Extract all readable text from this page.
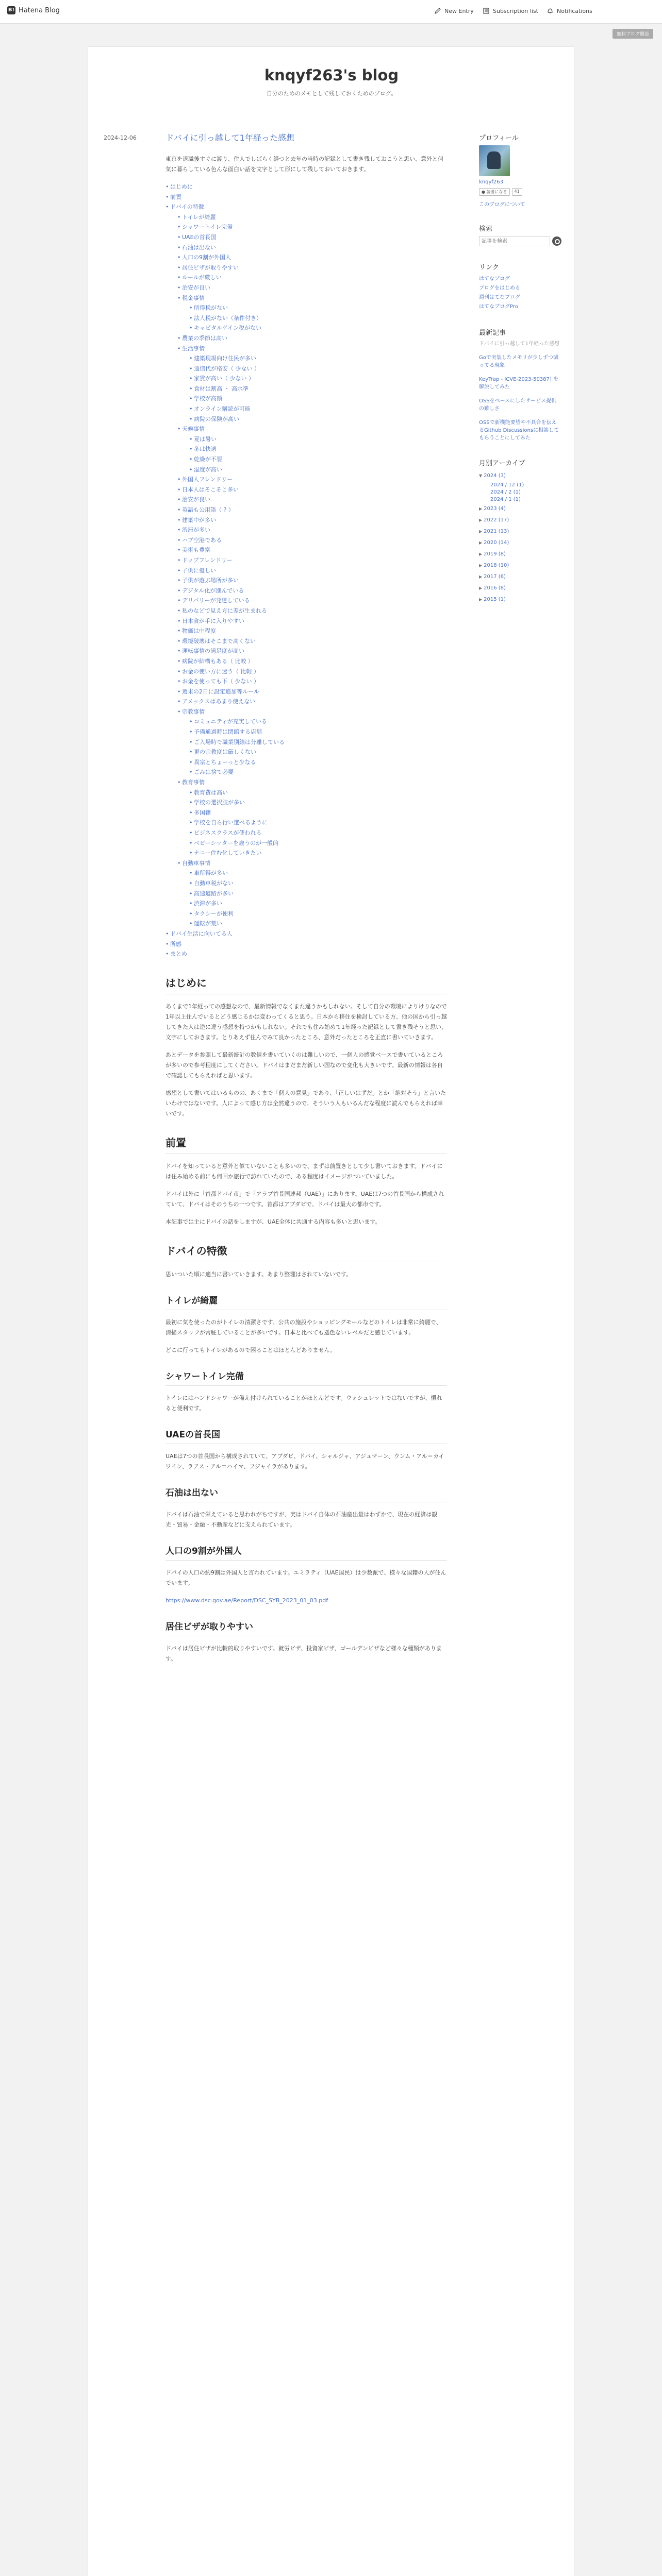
B! Hatena Blog	New Entry	Subscription list	Notifications
無料ブログ開設
knqyf263's blog
自分のためのメモとして残しておくためのブログ。
2024-12-06	ドバイに引っ越して1年経った感想
東京を退職後すぐに渡り、住人でしばらく経つと去年の当時の記録として書き残しておこうと思い、意外と何気に暮らしている色んな面白い話を文字として形にして残しておいておきます。
• はじめに
• 前置
• ドバイの特徴
• トイレが綺麗
• シャワートイレ完備
• UAEの首長国
• 石油は出ない
• 人口の9割が外国人
• 居住ビザが取りやすい
• ルールが厳しい
• 治安が良い
• 税金事情
• 所得税がない
• 法人税がない（条件付き）
• キャピタルゲイン税がない
• 農業の季節は高い
• 生活事情
• 建築現場向け住民が多い
• 通信代が格安（ 少ない ）
• 家賃が高い（ 少ない ）
• 食材は割高 ・ 高水準
• 学校が高額
• オンライン購読が可能
• 病院の保険が高い
• 天候事情
• 夏は暑い
• 冬は快適
• 乾燥が不要
• 湿度が高い
• 外国人フレンドリー
• 日本人はそこそこ多い
• 治安が良い
• 英語も公用語（ ? ）
• 建築中が多い
• 渋滞が多い
• ハブ空港である
• 美術も豊富
• ドップフレンドリー
• 子供に優しい
• 子供が遊ぶ場所が多い
• デジタル化が進んでいる
• デリバリーが発達している
• 私のなどで見え方に差が生まれる
• 日本食が手に入りやすい
• 物価は中程度
• 環境破壊はそこまで高くない
• 運転事情の満足度が高い
• 病院が結構もある（ 比較 ）
• お金の使い方に迷う（ 比較 ）
• お金を使っても下（ 少ない ）
• 週末の2日に設定追加等ルール
• アメックスはあまり使えない
• 宗教事情
• コミュニティが充実している
• 予備通過時は閉館する店舗
• ご入場時で職業別線は分離している
• 更の宗教度は厳しくない
• 異宗とちょーっと少なる
• ごみは捨て必要
• 教育事情
• 教育費は高い
• 学校の選択肢が多い
• 多国籍
• 学校を自ら行い選べるように
• ビジネスクラスが使われる
• ベビーシッターを雇うのが一般的
• ナニー住む化していきたい
• 自動車事情
• 車所得が多い
• 自動車税がない
• 高速道路が多い
• 渋滞が多い
• タクシーが便利
• 運転が荒い
• ドバイ生活に向いてる人
• 所感
• まとめ
はじめに
あくまで1年経っての感想なので、最新情報でなくまた違うかもしれない。そして自分の環境によりけりなので1年以上住んでいるとどう感じるかは変わってくると思う。日本から移住を検討している方、他の国から引っ越してきた人は逆に違う感想を持つかもしれない。それでも住み始めて1年経った記録として書き残そうと思い、文字にしておきます。とりあえず住んでみて良かったところ、意外だったところを正直に書いていきます。
あとデータを参照して最新統計の数値を書いていくのは難しいので、一個人の感覚ベースで書いているところが多いので参考程度にしてください。ドバイはまだまだ新しい国なので変化も大きいです。最新の情報は各自で確認してもらえればと思います。
感想として書いてはいるものの、あくまで「個人の意見」であり、「正しいはずだ」とか「絶対そう」と言いたいわけではないです。人によって感じ方は全然違うので、そういう人もいるんだな程度に読んでもらえれば幸いです。
前置
ドバイを知っていると意外と似ていないことも多いので、まずは前置きとして少し書いておきます。ドバイには住み始める前にも何回か旅行で訪れていたので、ある程度はイメージがついていました。
ドバイは外に「首都ドバイ市」で「アラブ首長国連邦（UAE）」にあります。UAEは7つの首長国から構成されていて、ドバイはそのうちの一つです。首都はアブダビで、ドバイは最大の都市です。
本記事では主にドバイの話をしますが、UAE全体に共通する内容も多いと思います。
ドバイの特徴
思いついた順に適当に書いていきます。あまり整理はされていないです。
トイレが綺麗
最初に気を使ったのがトイレの清潔さです。公共の施設やショッピングモールなどのトイレは非常に綺麗で、清掃スタッフが常駐していることが多いです。日本と比べても遜色ないレベルだと感じています。
どこに行ってもトイレがあるので困ることはほとんどありません。
シャワートイレ完備
トイレにはハンドシャワーが備え付けられていることがほとんどです。ウォシュレットではないですが、慣れると便利です。
UAEの首長国
UAEは7つの首長国から構成されていて、アブダビ、ドバイ、シャルジャ、アジュマーン、ウンム・アル＝カイワイン、ラアス・アル＝ハイマ、フジャイラがあります。
石油は出ない
ドバイは石油で栄えていると思われがちですが、実はドバイ自体の石油産出量はわずかで、現在の経済は観光・貿易・金融・不動産などに支えられています。
人口の9割が外国人
ドバイの人口の約9割は外国人と言われています。エミラティ（UAE国民）は少数派で、様々な国籍の人が住んでいます。
https://www.dsc.gov.ae/Report/DSC_SYB_2023_01_03.pdf
居住ビザが取りやすい
ドバイは居住ビザが比較的取りやすいです。就労ビザ、投資家ビザ、ゴールデンビザなど様々な種類があります。
プロフィール
knqyf263
● 読者になる	41
このブログについて
検索
記事を検索
リンク
はてなブログ
ブログをはじめる
週刊はてなブログ
はてなブログPro
最新記事
ドバイに引っ越して1年経った感想
Goで実装したメモリが少しずつ減ってる現象
KeyTrap - ICVE-2023-50387] を解説してみた
OSSをベースにしたサービス提供の難しさ
OSSで新機能要望や不具合を伝えるGithub Discussionsに相談してもらうことにしてみた
月別アーカイブ
▼ 2024 (3)
2024 / 12 (1)
2024 / 2 (1)
2024 / 1 (1)
▶ 2023 (4)
▶ 2022 (17)
▶ 2021 (13)
▶ 2020 (14)
▶ 2019 (8)
▶ 2018 (10)
▶ 2017 (6)
▶ 2016 (8)
▶ 2015 (1)
